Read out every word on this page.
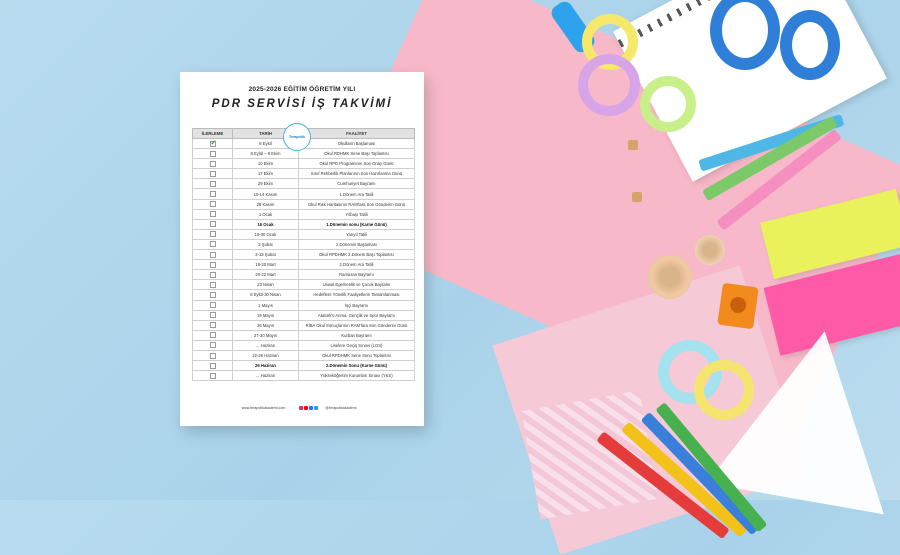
2025-2026 EĞİTİM ÖĞRETİM YILI
PDR SERVİSİ İŞ TAKVİMİ
Terapötik
İLERLEME	TARİH	FAALİYET
✔	8 Eylül	Okulların Başlaması
	8 Eylül – 8 Ekim	Okul RDHMK Sene Başı Toplantısı
	10 Ekim	Okul RPD Programının Son Onay Günü
	17 Ekim	Sınıf Rehberlik Planlarının Son Hazırlanma Günü
	29 Ekim	Cumhuriyet Bayramı
	10-14 Kasım	1.Dönem Ara Tatili
	28 Kasım	Okul Risk Haritasının RAM'lara Son Gönderim Günü
	1 Ocak	Yılbaşı Tatili
	16 Ocak	1.Dönemin sonu (Karne Günü)
	19-30 Ocak	Yarıyıl Tatili
	2 Şubat	2.Dönemin Başlaması
	2-13 Şubat	Okul RPDHMK 2.Dönem Başı Toplantısı
	16-20 Mart	2.Dönem Ara Tatili
	20-22 Mart	Ramazan Bayramı
	23 Nisan	Ulusal Egemenlik ve Çocuk Bayramı
	8 Eylül-30 Nisan	Hedeflere Yönelik Faaliyetlerin Tamamlanması
	1 Mayıs	İşçi Bayramı
	19 Mayıs	Atatürk'ü Anma, Gençlik ve Spor Bayramı
	26 Mayıs	RİBA Okul Sonuçlarının RAM'lara Son Gönderim Günü
	27-30 Mayıs	Kurban Bayramı
	... Haziran	Liselere Geçiş Sınavı (LGS)
	22-26 Haziran	Okul RPDHMK Sene Sonu Toplantısı
	26 Haziran	2.Dönemin Sonu (Karne Günü)
	... Haziran	Yükseköğretim Kurumları Sınavı (YKS)
www.terapotikakademi.com	@terapotikakademi
